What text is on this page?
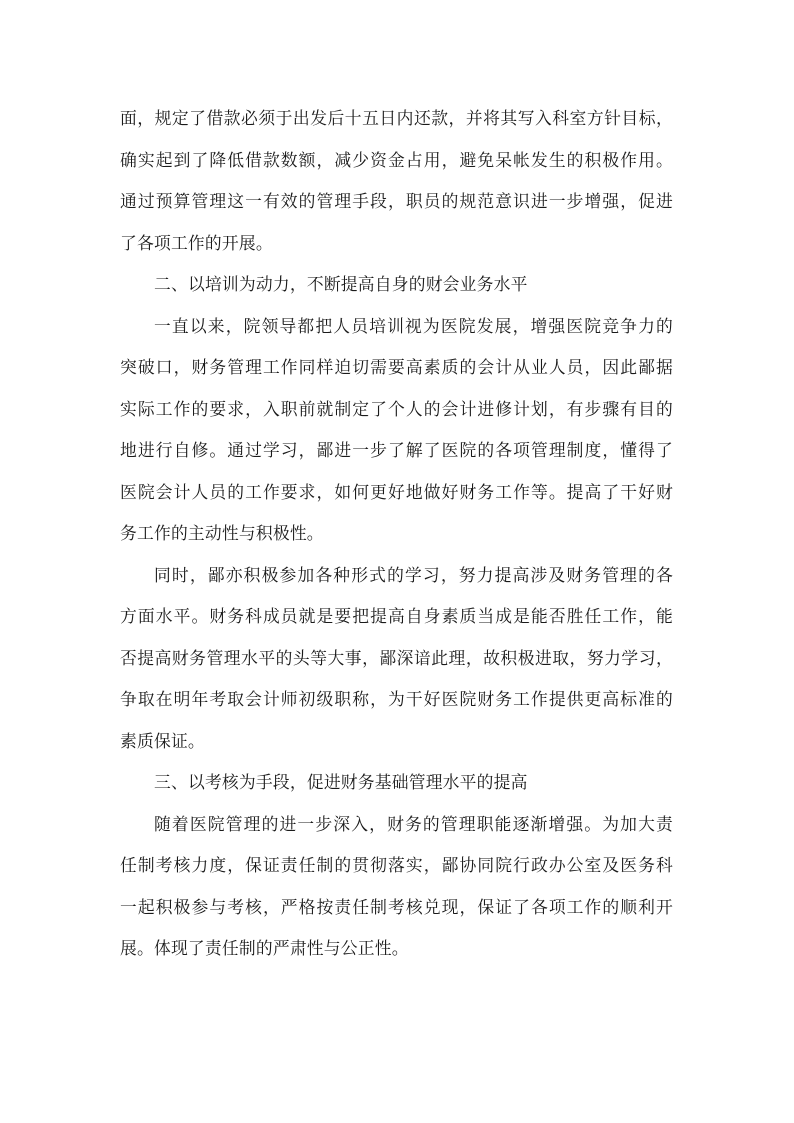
面，规定了借款必须于出发后十五日内还款，并将其写入科室方针目标，
确实起到了降低借款数额，减少资金占用，避免呆帐发生的积极作用。
通过预算管理这一有效的管理手段，职员的规范意识进一步增强，促进
了各项工作的开展。
二、以培训为动力，不断提高自身的财会业务水平
一直以来，院领导都把人员培训视为医院发展，增强医院竞争力的
突破口，财务管理工作同样迫切需要高素质的会计从业人员，因此鄙据
实际工作的要求，入职前就制定了个人的会计进修计划，有步骤有目的
地进行自修。通过学习，鄙进一步了解了医院的各项管理制度，懂得了
医院会计人员的工作要求，如何更好地做好财务工作等。提高了干好财
务工作的主动性与积极性。
同时，鄙亦积极参加各种形式的学习，努力提高涉及财务管理的各
方面水平。财务科成员就是要把提高自身素质当成是能否胜任工作，能
否提高财务管理水平的头等大事，鄙深谙此理，故积极进取，努力学习，
争取在明年考取会计师初级职称，为干好医院财务工作提供更高标准的
素质保证。
三、以考核为手段，促进财务基础管理水平的提高
随着医院管理的进一步深入，财务的管理职能逐渐增强。为加大责
任制考核力度，保证责任制的贯彻落实，鄙协同院行政办公室及医务科
一起积极参与考核，严格按责任制考核兑现，保证了各项工作的顺利开
展。体现了责任制的严肃性与公正性。
